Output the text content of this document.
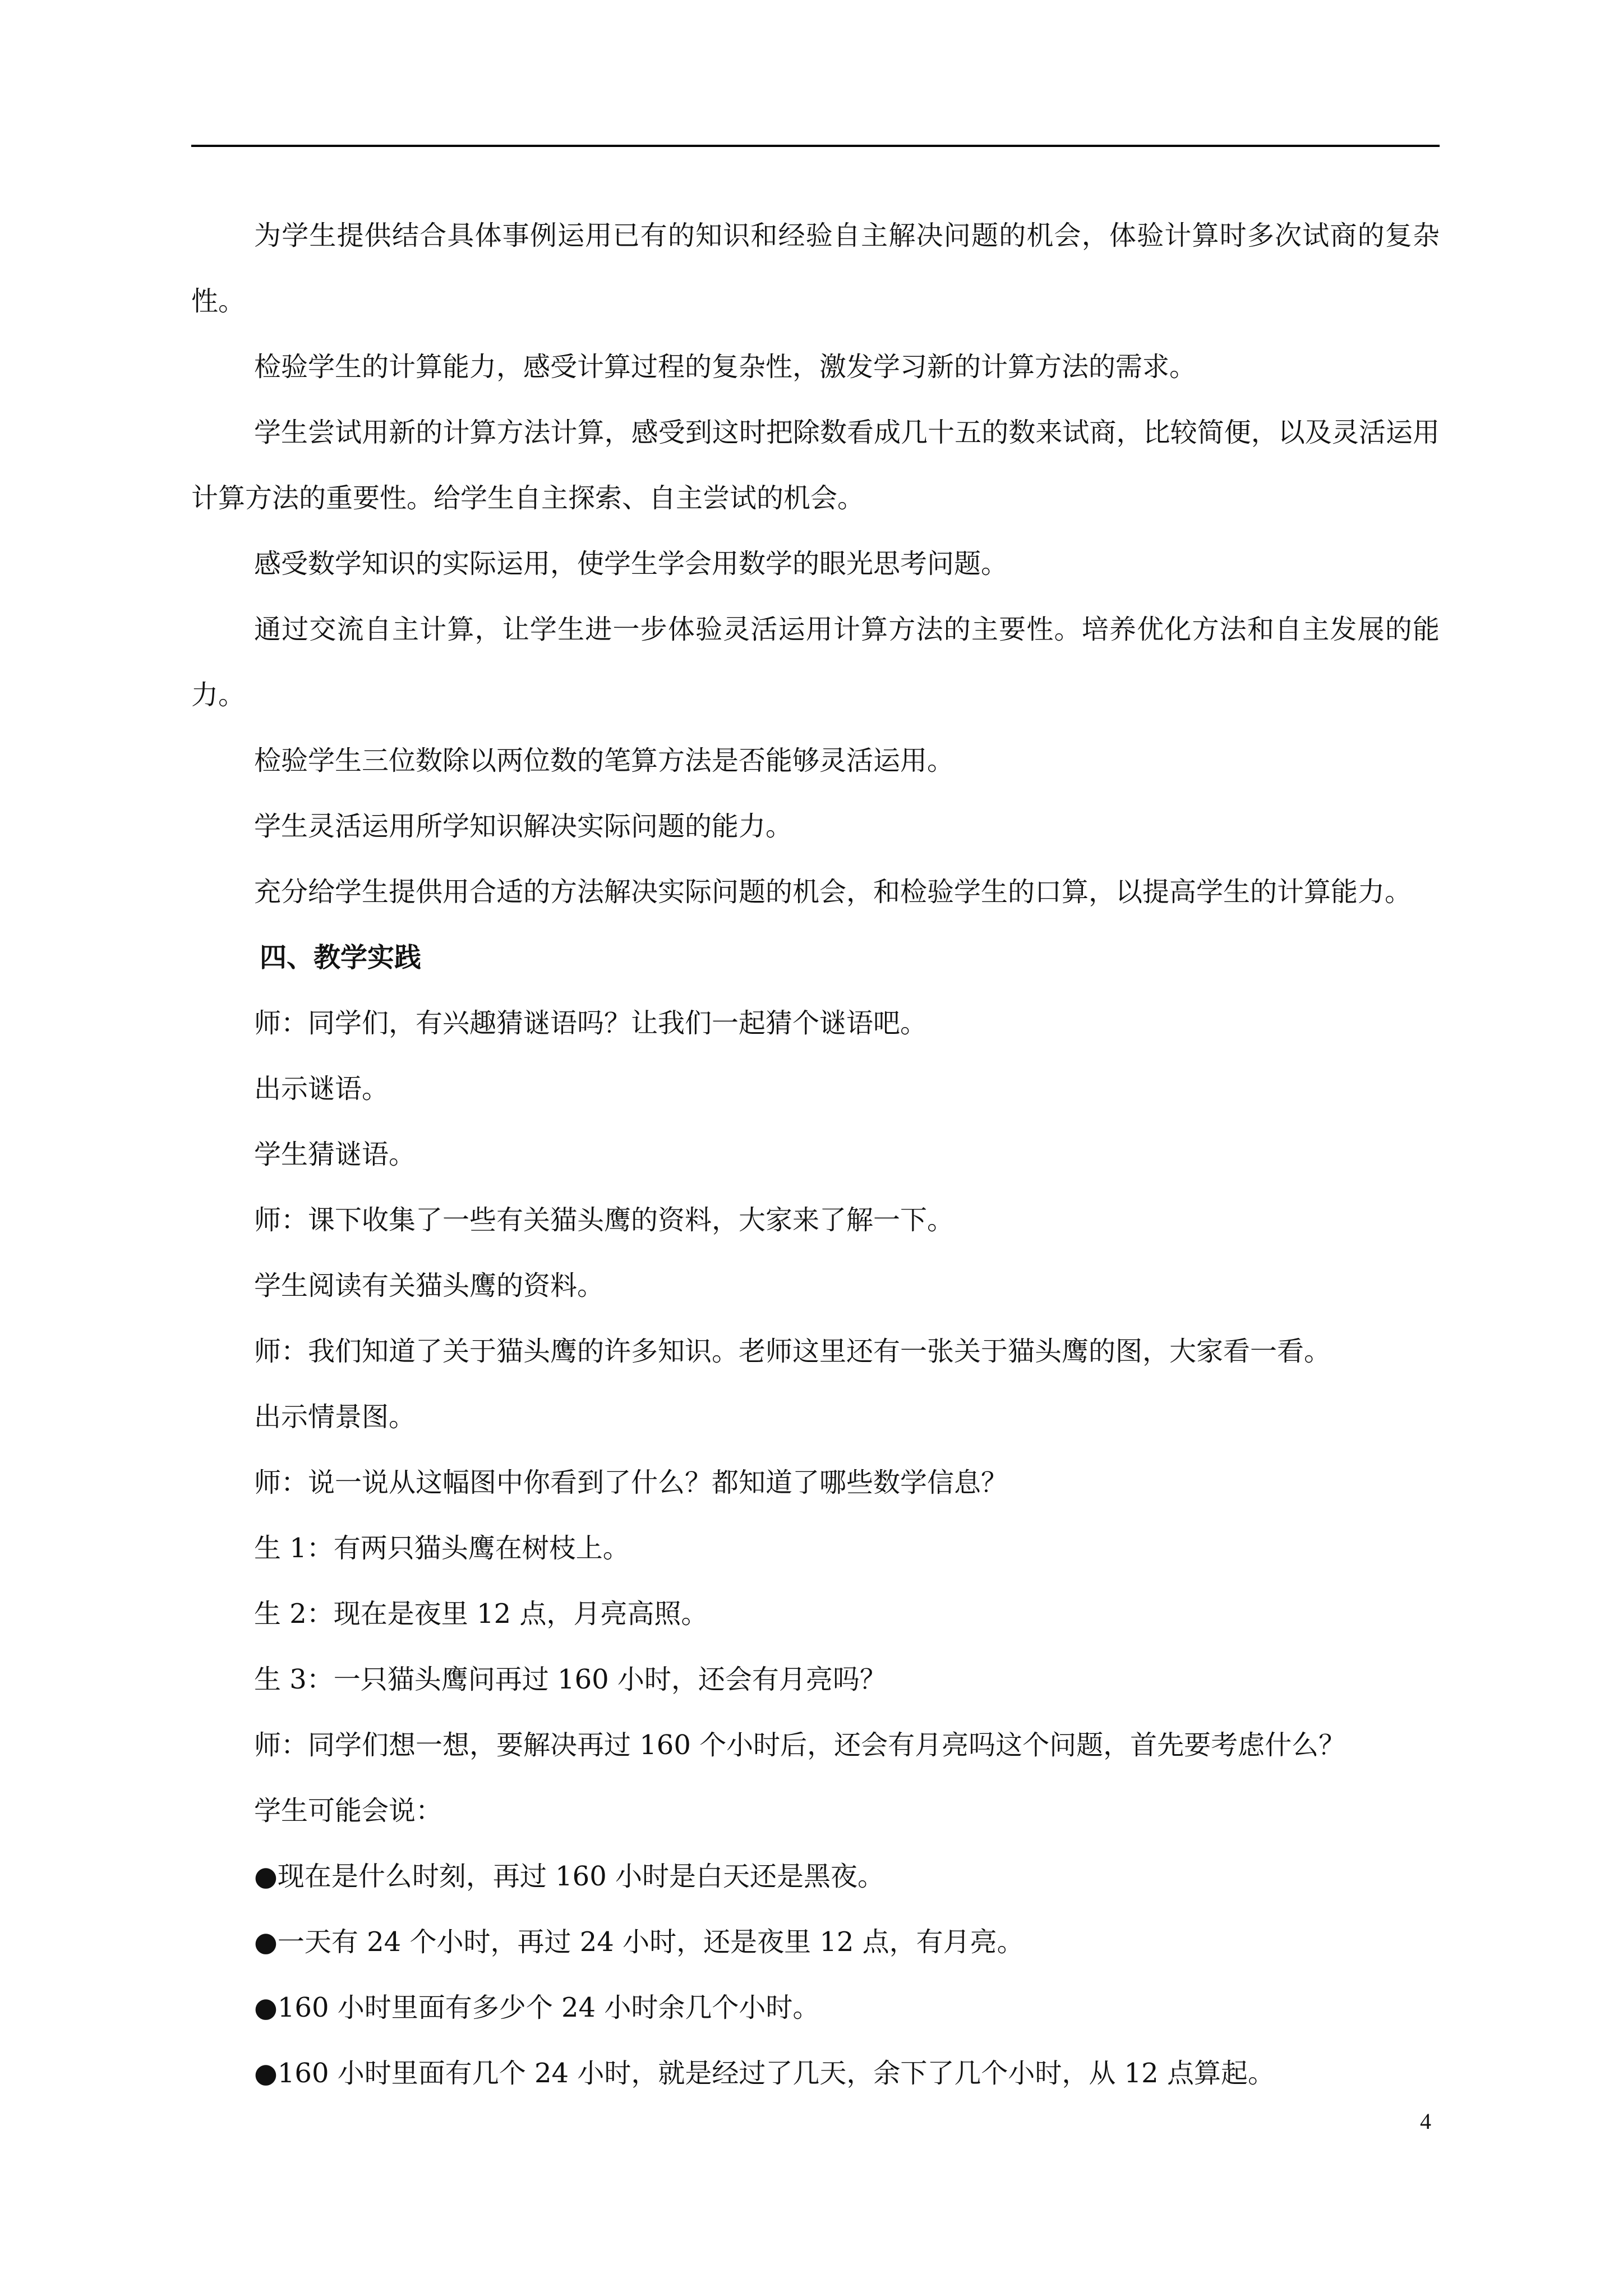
为学生提供结合具体事例运用已有的知识和经验自主解决问题的机会，体验计算时多次试商的复杂性。

检验学生的计算能力，感受计算过程的复杂性，激发学习新的计算方法的需求。

学生尝试用新的计算方法计算，感受到这时把除数看成几十五的数来试商，比较简便，以及灵活运用计算方法的重要性。给学生自主探索、自主尝试的机会。

感受数学知识的实际运用，使学生学会用数学的眼光思考问题。

通过交流自主计算，让学生进一步体验灵活运用计算方法的主要性。培养优化方法和自主发展的能力。

检验学生三位数除以两位数的笔算方法是否能够灵活运用。

学生灵活运用所学知识解决实际问题的能力。

充分给学生提供用合适的方法解决实际问题的机会，和检验学生的口算，以提高学生的计算能力。

四、教学实践

师：同学们，有兴趣猜谜语吗？让我们一起猜个谜语吧。

出示谜语。

学生猜谜语。

师：课下收集了一些有关猫头鹰的资料，大家来了解一下。

学生阅读有关猫头鹰的资料。

师：我们知道了关于猫头鹰的许多知识。老师这里还有一张关于猫头鹰的图，大家看一看。

出示情景图。

师：说一说从这幅图中你看到了什么？都知道了哪些数学信息？

生 1：有两只猫头鹰在树枝上。

生 2：现在是夜里 12 点，月亮高照。

生 3：一只猫头鹰问再过 160 小时，还会有月亮吗？

师：同学们想一想，要解决再过 160 个小时后，还会有月亮吗这个问题，首先要考虑什么？

学生可能会说：

●现在是什么时刻，再过 160 小时是白天还是黑夜。

●一天有 24 个小时，再过 24 小时，还是夜里 12 点，有月亮。

●160 小时里面有多少个 24 小时余几个小时。

●160 小时里面有几个 24 小时，就是经过了几天，余下了几个小时，从 12 点算起。

4
